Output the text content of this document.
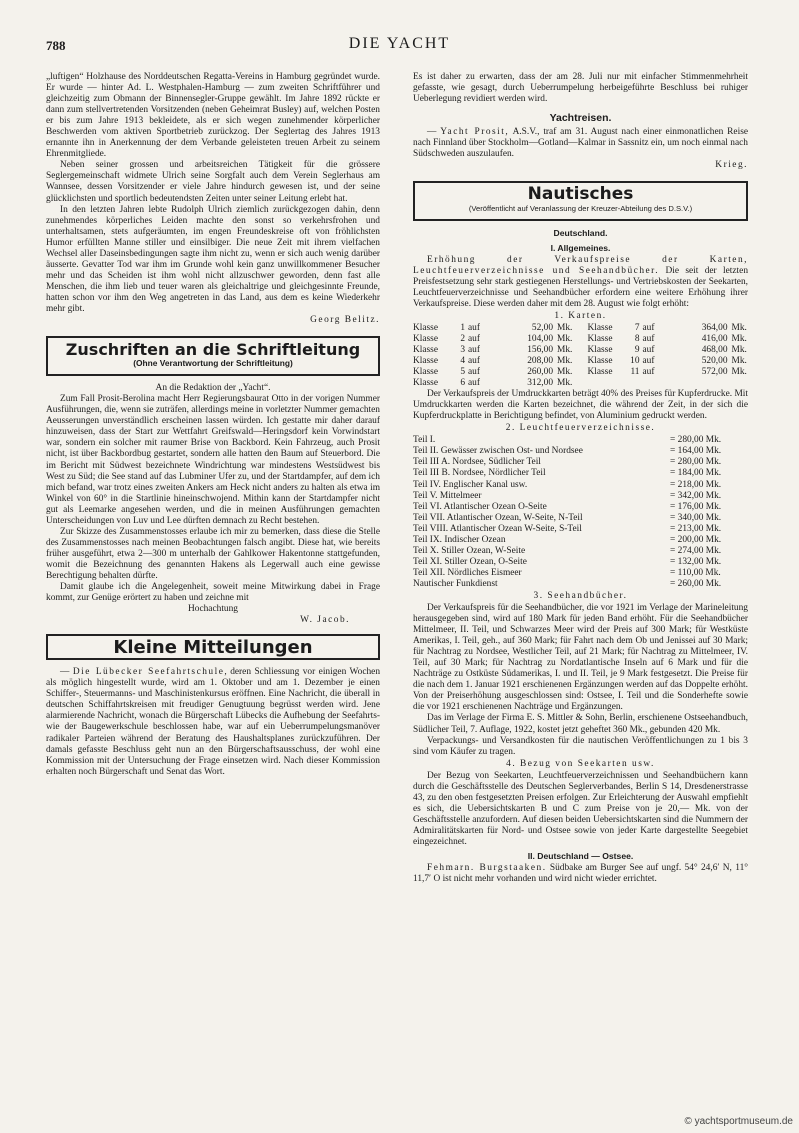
788	DIE YACHT

„luftigen“ Holzhause des Norddeutschen Regatta-Vereins in Hamburg gegründet wurde. Er wurde — hinter Ad. L. Westphalen-Hamburg — zum zweiten Schriftführer und gleichzeitig zum Obmann der Binnensegler-Gruppe gewählt. Im Jahre 1892 rückte er dann zum stellvertretenden Vorsitzenden (neben Geheimrat Busley) auf, welchen Posten er bis zum Jahre 1913 bekleidete, als er sich wegen zunehmender körperlicher Beschwerden vom aktiven Sportbetrieb zurückzog. Der Seglertag des Jahres 1913 ernannte ihn in Anerkennung der dem Verbande geleisteten treuen Arbeit zu seinem Ehrenmitgliede.

Neben seiner grossen und arbeitsreichen Tätigkeit für die grössere Seglergemeinschaft widmete Ulrich seine Sorgfalt auch dem Verein Seglerhaus am Wannsee, dessen Vorsitzender er viele Jahre hindurch gewesen ist, und der seine glücklichsten und sportlich bedeutendsten Zeiten unter seiner Leitung erlebt hat.

In den letzten Jahren lebte Rudolph Ulrich ziemlich zurückgezogen dahin, denn zunehmendes körperliches Leiden machte den sonst so verkehrsfrohen und unterhaltsamen, stets aufgeräumten, im engen Freundeskreise oft von fröhlichsten Humor erfüllten Manne stiller und einsilbiger. Die neue Zeit mit ihrem vielfachen Wechsel aller Daseinsbedingungen sagte ihm nicht zu, wenn er sich auch wenig darüber äusserte. Gevatter Tod war ihm im Grunde wohl kein ganz unwillkommener Besucher mehr und das Scheiden ist ihm wohl nicht allzuschwer geworden, denn fast alle Menschen, die ihm lieb und teuer waren als gleichaltrige und gleichgesinnte Freunde, hatten schon vor ihm den Weg angetreten in das Land, aus dem es keine Wiederkehr mehr gibt.

Georg Belitz.

Zuschriften an die Schriftleitung
(Ohne Verantwortung der Schriftleitung)

An die Redaktion der „Yacht“.

Zum Fall Prosit-Berolina macht Herr Regierungsbaurat Otto in der vorigen Nummer Ausführungen, die, wenn sie zuträfen, allerdings meine in vorletzter Nummer gemachten Aeusserungen unverständlich erscheinen lassen würden. Ich gestatte mir daher darauf hinzuweisen, dass der Start zur Wettfahrt Greifswald—Heringsdorf kein Vorwindstart war, sondern ein solcher mit raumer Brise von Backbord. Kein Fahrzeug, auch Prosit nicht, ist über Backbordbug gestartet, sondern alle hatten den Baum auf Steuerbord. Die im Bericht mit Südwest bezeichnete Windrichtung war mindestens Westsüdwest bis West zu Süd; die See stand auf das Lubminer Ufer zu, und der Startdampfer, auf dem ich mich befand, war trotz eines zweiten Ankers am Heck nicht anders zu halten als etwa im Winkel von 60° in die Startlinie hineinschwojend. Mithin kann der Startdampfer nicht gut als Leemarke angesehen werden, und die in meinen Ausführungen gemachten Unterscheidungen von Luv und Lee dürften demnach zu Recht bestehen.

Zur Skizze des Zusammenstosses erlaube ich mir zu bemerken, dass diese die Stelle des Zusammenstosses nach meinen Beobachtungen falsch angibt. Diese hat, wie bereits früher ausgeführt, etwa 2—300 m unterhalb der Gahlkower Hakentonne stattgefunden, womit die Bezeichnung des genannten Hakens als Legerwall auch eine gewisse Berechtigung behalten dürfte.

Damit glaube ich die Angelegenheit, soweit meine Mitwirkung dabei in Frage kommt, zur Genüge erörtert zu haben und zeichne mit

Hochachtung

W. Jacob.

Kleine Mitteilungen

— Die Lübecker Seefahrtschule, deren Schliessung vor einigen Wochen als möglich hingestellt wurde, wird am 1. Oktober und am 1. Dezember je einen Schiffer-, Steuermanns- und Maschinistenkursus eröffnen. Eine Nachricht, die überall in deutschen Schiffahrtskreisen mit freudiger Genugtuung begrüsst werden wird. Jene alarmierende Nachricht, wonach die Bürgerschaft Lübecks die Aufhebung der Seefahrts- wie der Baugewerkschule beschlossen habe, war auf ein Ueberrumpelungsmanöver radikaler Parteien während der Beratung des Haushaltsplanes zurückzuführen. Der damals gefasste Beschluss geht nun an den Bürgerschaftsausschuss, der wohl eine Kommission mit der Untersuchung der Frage einsetzen wird. Nach dieser Kommission erhalten noch Bürgerschaft und Senat das Wort.

Es ist daher zu erwarten, dass der am 28. Juli nur mit einfacher Stimmenmehrheit gefasste, wie gesagt, durch Ueberrumpelung herbeigeführte Beschluss bei ruhiger Ueberlegung revidiert werden wird.

Yachtreisen.

— Yacht Prosit, A.S.V., traf am 31. August nach einer einmonatlichen Reise nach Finnland über Stockholm—Gotland—Kalmar in Sassnitz ein, um noch einmal nach Südschweden auszulaufen.

Krieg.

Nautisches
(Veröffentlicht auf Veranlassung der Kreuzer-Abteilung des D.S.V.)
Deutschland.
I. Allgemeines.

Erhöhung der Verkaufspreise der Karten, Leuchtfeuerverzeichnisse und Seehandbücher. Die seit der letzten Preisfestsetzung sehr stark gestiegenen Herstellungs- und Vertriebskosten der Seekarten, Leuchtfeuerverzeichnisse und Seehandbücher erfordern eine weitere Erhöhung ihrer Verkaufspreise. Diese werden daher mit dem 28. August wie folgt erhöht:

1. Karten.
Klasse	1 auf	52,00 Mk.
Klasse	2 auf	104,00 Mk.
Klasse	3 auf	156,00 Mk.
Klasse	4 auf	208,00 Mk.
Klasse	5 auf	260,00 Mk.
Klasse	6 auf	312,00 Mk.
Klasse	7 auf	364,00 Mk.
Klasse	8 auf	416,00 Mk.
Klasse	9 auf	468,00 Mk.
Klasse	10 auf	520,00 Mk.
Klasse	11 auf	572,00 Mk.

Der Verkaufspreis der Umdruckkarten beträgt 40% des Preises für Kupferdrucke. Mit Umdruckkarten werden die Karten bezeichnet, die während der Zeit, in der sich die Kupferdruckplatte in Berichtigung befindet, von Aluminium gedruckt werden.

2. Leuchtfeuerverzeichnisse.
Teil I.	= 280,00 Mk.
Teil II. Gewässer zwischen Ost- und Nordsee	= 164,00 Mk.
Teil III A. Nordsee, Südlicher Teil	= 280,00 Mk.
Teil III B. Nordsee, Nördlicher Teil	= 184,00 Mk.
Teil IV. Englischer Kanal usw.	= 218,00 Mk.
Teil V. Mittelmeer	= 342,00 Mk.
Teil VI. Atlantischer Ozean O-Seite	= 176,00 Mk.
Teil VII. Atlantischer Ozean, W-Seite, N-Teil	= 340,00 Mk.
Teil VIII. Atlantischer Ozean W-Seite, S-Teil	= 213,00 Mk.
Teil IX. Indischer Ozean	= 200,00 Mk.
Teil X. Stiller Ozean, W-Seite	= 274,00 Mk.
Teil XI. Stiller Ozean, O-Seite	= 132,00 Mk.
Teil XII. Nördliches Eismeer	= 110,00 Mk.
Nautischer Funkdienst	= 260,00 Mk.
3. Seehandbücher.

Der Verkaufspreis für die Seehandbücher, die vor 1921 im Verlage der Marineleitung herausgegeben sind, wird auf 180 Mark für jeden Band erhöht. Für die Seehandbücher Mittelmeer, II. Teil, und Schwarzes Meer wird der Preis auf 300 Mark; für Westküste Amerikas, I. Teil, geh., auf 360 Mark; für Fahrt nach dem Ob und Jenissei auf 30 Mark; für Nachtrag zu Nordsee, Westlicher Teil, auf 21 Mark; für Nachtrag zu Mittelmeer, IV. Teil, auf 30 Mark; für Nachtrag zu Nordatlantische Inseln auf 6 Mark und für die Nachträge zu Ostküste Südamerikas, I. und II. Teil, je 9 Mark festgesetzt. Die Preise für die nach dem 1. Januar 1921 erschienenen Ergänzungen werden auf das Doppelte erhöht. Von der Preiserhöhung ausgeschlossen sind: Ostsee, I. Teil und die Sonderhefte sowie die vor 1921 erschienenen Nachträge und Ergänzungen.

Das im Verlage der Firma E. S. Mittler & Sohn, Berlin, erschienene Ostseehandbuch, Südlicher Teil, 7. Auflage, 1922, kostet jetzt geheftet 360 Mk., gebunden 420 Mk.

Verpackungs- und Versandkosten für die nautischen Veröffentlichungen zu 1 bis 3 sind vom Käufer zu tragen.

4. Bezug von Seekarten usw.

Der Bezug von Seekarten, Leuchtfeuerverzeichnissen und Seehandbüchern kann durch die Geschäftsstelle des Deutschen Seglerverbandes, Berlin S 14, Dresdenerstrasse 43, zu den oben festgesetzten Preisen erfolgen. Zur Erleichterung der Auswahl empfiehlt es sich, die Uebersichtskarten B und C zum Preise von je 20,— Mk. von der Geschäftsstelle anzufordern. Auf diesen beiden Uebersichtskarten sind die Nummern der Admiralitätskarten für Nord- und Ostsee sowie von jeder Karte dargestellte Seegebiet eingezeichnet.

II. Deutschland — Ostsee.

Fehmarn. Burgstaaken. Südbake am Burger See auf ungf. 54° 24,6′ N, 11° 11,7′ O ist nicht mehr vorhanden und wird nicht wieder errichtet.

© yachtsportmuseum.de
